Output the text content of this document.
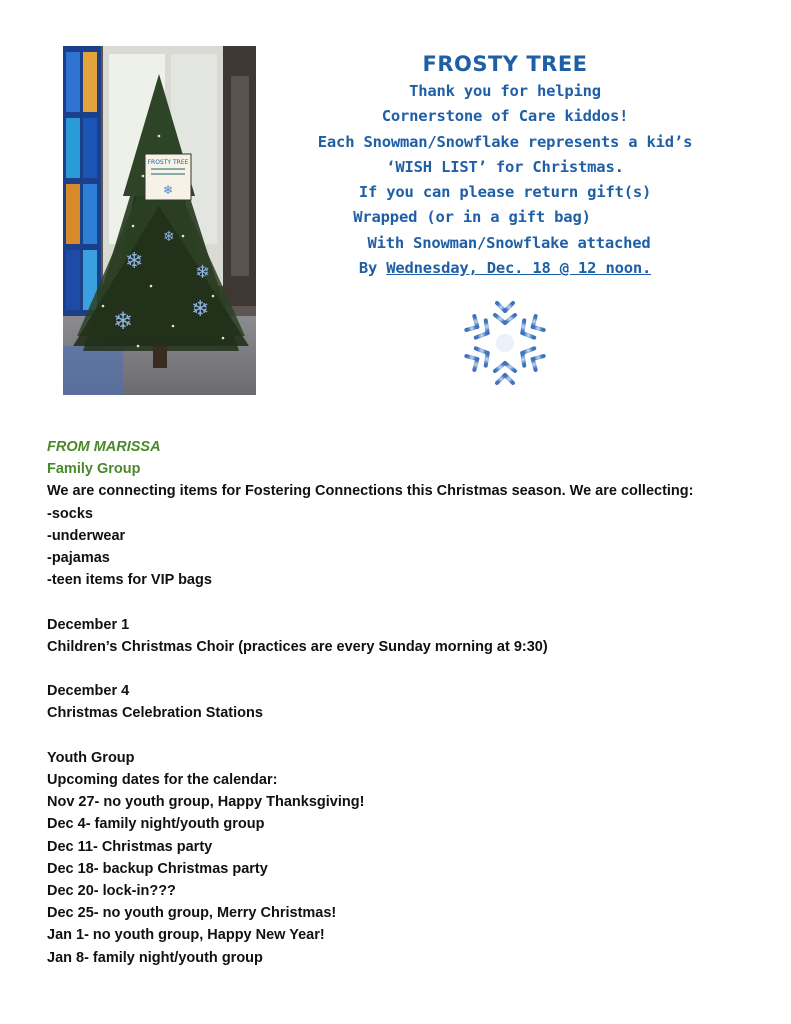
FROSTY TREE
❄
❄	❄
❄
❄
❄
FROSTY TREE
Thank you for helping
Cornerstone of Care kiddos!
Each Snowman/Snowflake represents a kid’s
‘WISH LIST’ for Christmas.
If you can please return gift(s)
Wrapped (or in a gift bag)
With Snowman/Snowflake attached
By Wednesday, Dec. 18 @ 12 noon.
FROM MARISSA
Family Group
We are connecting items for Fostering Connections this Christmas season. We are collecting:
-socks
-underwear
-pajamas
-teen items for VIP bags
December 1
Children’s Christmas Choir (practices are every Sunday morning at 9:30)
December 4
Christmas Celebration Stations
Youth Group
Upcoming dates for the calendar:
Nov 27- no youth group, Happy Thanksgiving!
Dec 4- family night/youth group
Dec 11- Christmas party
Dec 18- backup Christmas party
Dec 20- lock-in???
Dec 25- no youth group, Merry Christmas!
Jan 1- no youth group, Happy New Year!
Jan 8- family night/youth group
